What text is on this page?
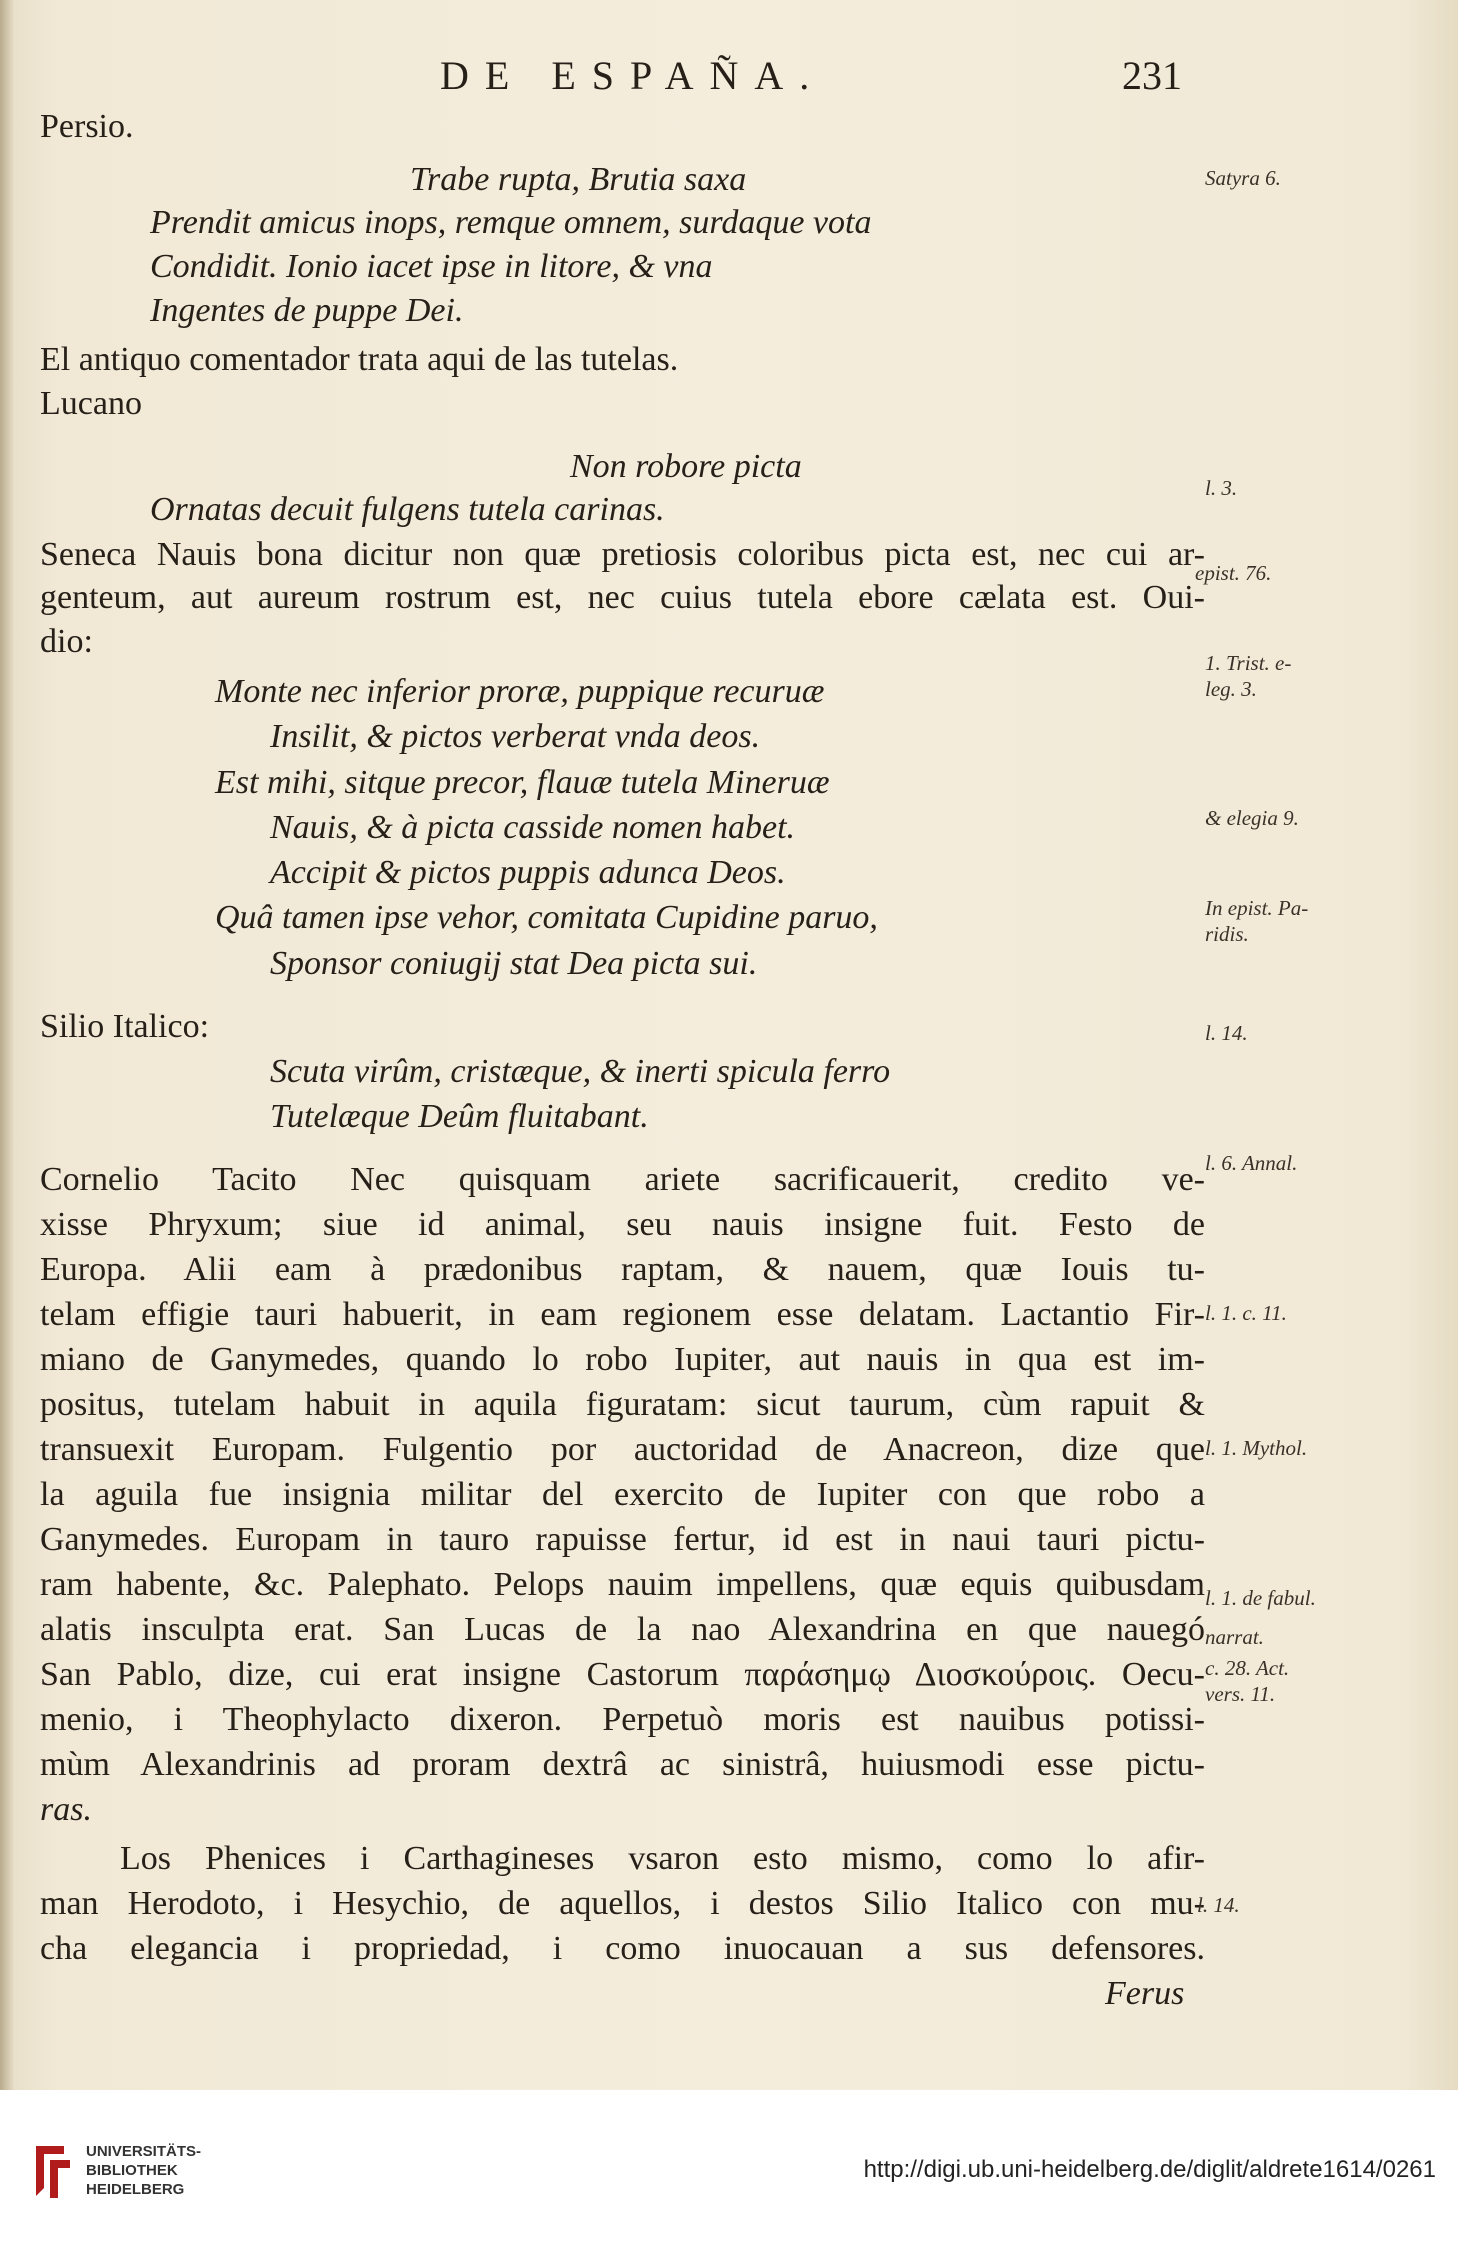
DE ESPAÑA.	231
Persio.
Trabe rupta, Brutia saxa
Prendit amicus inops, remque omnem, surdaque vota
Condidit. Ionio iacet ipse in litore, & vna
Ingentes de puppe Dei.
El antiquo comentador trata aqui de las tutelas.
Lucano
Non robore picta
Ornatas decuit fulgens tutela carinas.
Seneca Nauis bona dicitur non quæ pretiosis coloribus picta est, nec cui ar-
genteum, aut aureum rostrum est, nec cuius tutela ebore cælata est. Oui-
dio:
Monte nec inferior proræ, puppique recuruæ
Insilit, & pictos verberat vnda deos.
Est mihi, sitque precor, flauæ tutela Mineruæ
Nauis, & à picta casside nomen habet.
Accipit & pictos puppis adunca Deos.
Quâ tamen ipse vehor, comitata Cupidine paruo,
Sponsor coniugij stat Dea picta sui.
Silio Italico:
Scuta virûm, cristæque, & inerti spicula ferro
Tutelæque Deûm fluitabant.
Cornelio Tacito Nec quisquam ariete sacrificauerit, credito ve-
xisse Phryxum; siue id animal, seu nauis insigne fuit. Festo de
Europa. Alii eam à prædonibus raptam, & nauem, quæ Iouis tu-
telam effigie tauri habuerit, in eam regionem esse delatam. Lactantio Fir-
miano de Ganymedes, quando lo robo Iupiter, aut nauis in qua est im-
positus, tutelam habuit in aquila figuratam: sicut taurum, cùm rapuit &
transuexit Europam. Fulgentio por auctoridad de Anacreon, dize que
la aguila fue insignia militar del exercito de Iupiter con que robo a
Ganymedes. Europam in tauro rapuisse fertur, id est in naui tauri pictu-
ram habente, &c. Palephato. Pelops nauim impellens, quæ equis quibusdam
alatis insculpta erat. San Lucas de la nao Alexandrina en que nauegó
San Pablo, dize, cui erat insigne Castorum παράσημῳ Διοσκούροις. Oecu-
menio, i Theophylacto dixeron. Perpetuò moris est nauibus potissi-
mùm Alexandrinis ad proram dextrâ ac sinistrâ, huiusmodi esse pictu-
ras.
Los Phenices i Carthagineses vsaron esto mismo, como lo afir-
man Herodoto, i Hesychio, de aquellos, i destos Silio Italico con mu-
cha elegancia i propriedad, i como inuocauan a sus defensores.
Ferus
Satyra 6.
l. 3.
epist. 76.
1. Trist. e-
leg. 3.
& elegia 9.
In epist. Pa-
ridis.
l. 14.
l. 6. Annal.
l. 1. c. 11.
l. 1. Mythol.
l. 1. de fabul.
narrat.
c. 28. Act.
vers. 11.
l. 14.
UNIVERSITÄTS-
BIBLIOTHEK
HEIDELBERG
http://digi.ub.uni-heidelberg.de/diglit/aldrete1614/0261
